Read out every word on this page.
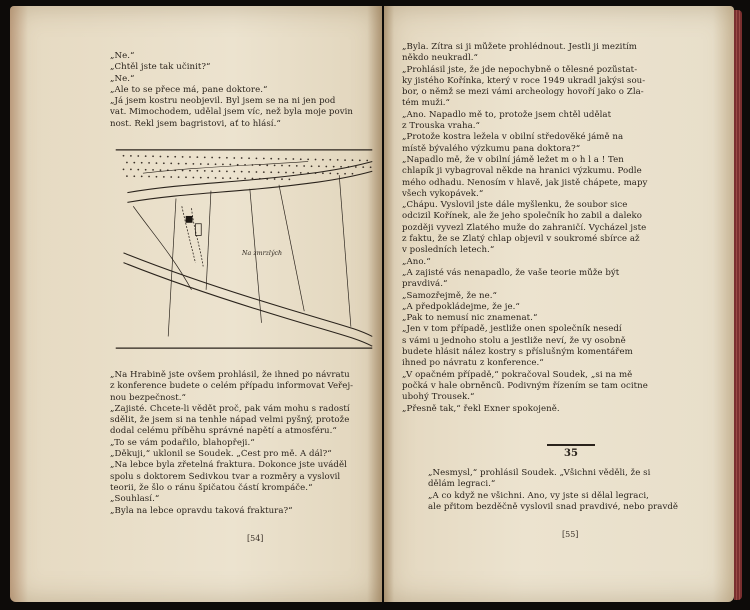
„Ne.“
„Chtěl jste tak učinit?“
„Ne.“
„Ale to se přece má, pane doktore.“
„Já jsem kostru neobjevil. Byl jsem se na ni jen pod
vat. Mimochodem, udělal jsem víc, než byla moje povin
nost. Řekl jsem bagristovi, ať to hlásí.“
Na zmrzlých
„Na Hrabině jste ovšem prohlásil, že ihned po návratu
z konference budete o celém případu informovat Veřej-
nou bezpečnost.“
„Zajisté. Chcete-li vědět proč, pak vám mohu s radostí
sdělit, že jsem si na tenhle nápad velmi pyšný, protože
dodal celému příběhu správné napětí a atmosféru.“
„To se vám podařilo, blahopřeji.“
„Děkuji,“ uklonil se Soudek. „Čest pro mě. A dál?“
„Na lebce byla zřetelná fraktura. Dokonce jste uváděl
spolu s doktorem Šedivkou tvar a rozměry a vyslovil
teorii, že šlo o ránu špičatou částí krompáče.“
„Souhlasí.“
„Byla na lebce opravdu taková fraktura?“
[54]
„Byla. Zítra si ji můžete prohlédnout. Jestli ji mezitím
někdo neukradl.“
„Prohlásil jste, že jde nepochybně o tělesné pozůstat-
ky jistého Kořínka, který v roce 1949 ukradl jakýsi sou-
bor, o němž se mezi vámi archeology hovoří jako o Zla-
tém muži.“
„Ano. Napadlo mě to, protože jsem chtěl udělat
z Trouska vraha.“
„Protože kostra ležela v obilní středověké jámě na
místě bývalého výzkumu pana doktora?“
„Napadlo mě, že v obilní jámě ležet m o h l a ! Ten
chlapík ji vybagroval někde na hranici výzkumu. Podle
mého odhadu. Nenosím v hlavě, jak jistě chápete, mapy
všech vykopávek.“
„Chápu. Vyslovil jste dále myšlenku, že soubor sice
odcizil Kořínek, ale že jeho společník ho zabil a daleko
později vyvezl Zlatého muže do zahraničí. Vycházel jste
z faktu, že se Zlatý chlap objevil v soukromé sbírce až
v posledních letech.“
„Ano.“
„A zajisté vás nenapadlo, že vaše teorie může být
pravdivá.“
„Samozřejmě, že ne.“
„A předpokládejme, že je.“
„Pak to nemusí nic znamenat.“
„Jen v tom případě, jestliže onen společník nesedí
s vámi u jednoho stolu a jestliže neví, že vy osobně
budete hlásit nález kostry s příslušným komentářem
ihned po návratu z konference.“
„V opačném případě,“ pokračoval Soudek, „si na mě
počká v hale obrněnců. Podivným řízením se tam ocitne
ubohý Trousek.“
„Přesně tak,“ řekl Exner spokojeně.
[55]
35
„Nesmysl,“ prohlásil Soudek. „Všichni věděli, že si
dělám legraci.“
„A co když ne všichni. Ano, vy jste si dělal legraci,
ale přitom bezděčně vyslovil snad pravdivé, nebo pravdě
